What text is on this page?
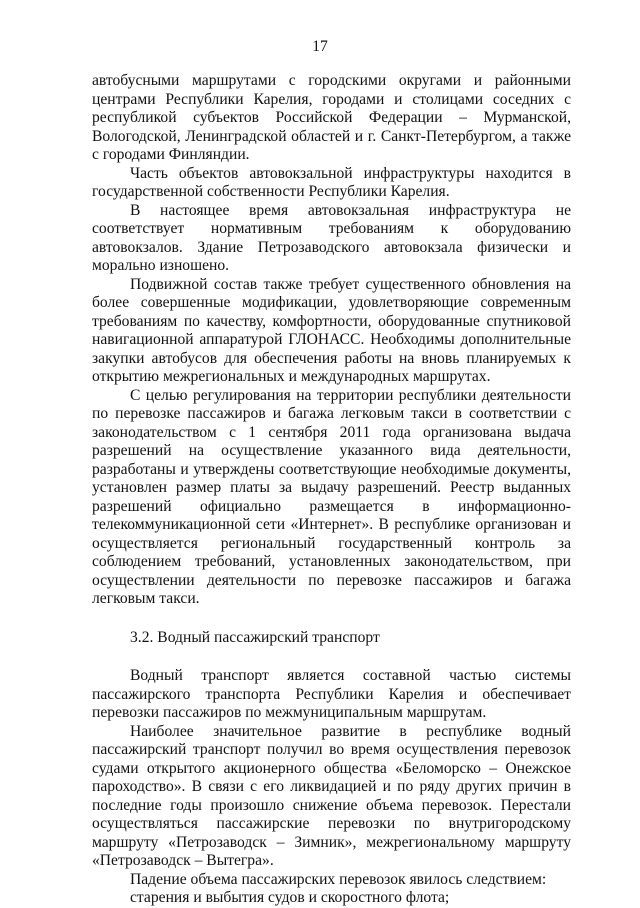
17

автобусными маршрутами с городскими округами и районными центрами Республики Карелия, городами и столицами соседних с республикой субъектов Российской Федерации – Мурманской, Вологодской, Ленинградской областей и г. Санкт-Петербургом, а также с городами Финляндии.

Часть объектов автовокзальной инфраструктуры находится в государственной собственности Республики Карелия.

В настоящее время автовокзальная инфраструктура не соответствует нормативным требованиям к оборудованию автовокзалов. Здание Петрозаводского автовокзала физически и морально изношено.

Подвижной состав также требует существенного обновления на более совершенные модификации, удовлетворяющие современным требованиям по качеству, комфортности, оборудованные спутниковой навигационной аппаратурой ГЛОНАСС. Необходимы дополнительные закупки автобусов для обеспечения работы на вновь планируемых к открытию межрегиональных и международных маршрутах.

С целью регулирования на территории республики деятельности по перевозке пассажиров и багажа легковым такси в соответствии с законодательством с 1 сентября 2011 года организована выдача разрешений на осуществление указанного вида деятельности, разработаны и утверждены соответствующие необходимые документы, установлен размер платы за выдачу разрешений. Реестр выданных разрешений официально размещается в информационно-телекоммуникационной сети «Интернет». В республике организован и осуществляется региональный государственный контроль за соблюдением требований, установленных законодательством, при осуществлении деятельности по перевозке пассажиров и багажа легковым такси.

3.2. Водный пассажирский транспорт

Водный транспорт является составной частью системы пассажирского транспорта Республики Карелия и обеспечивает перевозки пассажиров по межмуниципальным маршрутам.

Наиболее значительное развитие в республике водный пассажирский транспорт получил во время осуществления перевозок судами открытого акционерного общества «Беломорско – Онежское пароходство». В связи с его ликвидацией и по ряду других причин в последние годы произошло снижение объема перевозок. Перестали осуществляться пассажирские перевозки по внутригородскому маршруту «Петрозаводск – Зимник», межрегиональному маршруту «Петрозаводск – Вытегра».

Падение объема пассажирских перевозок явилось следствием:

старения и выбытия судов и скоростного флота;
